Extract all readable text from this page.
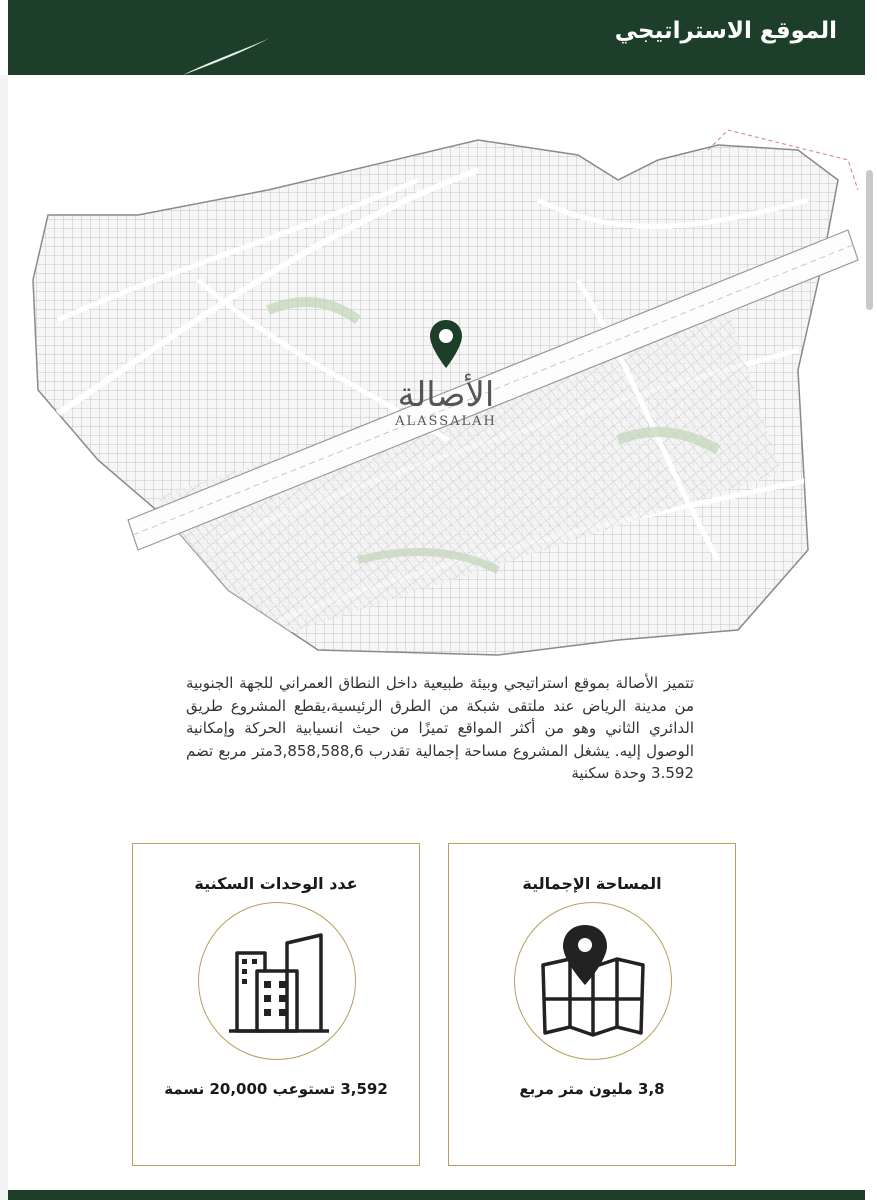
الموقع الاستراتيجي
الأصالة
ALASSALAH
تتميز الأصالة بموقع استراتيجي وبيئة طبيعية داخل النطاق العمراني للجهة الجنوبية من مدينة الرياض عند ملتقى شبكة من الطرق الرئيسية،يقطع المشروع طريق الدائري الثاني وهو من أكثر المواقع تميزًا من حيث انسيابية الحركة وإمكانية الوصول إليه. يشغل المشروع مساحة إجمالية تقدرب 3,858,588,6متر مربع تضم 3.592 وحدة سكنية
عدد الوحدات السكنية
3,592 تستوعب 20,000 نسمة
المساحة الإجمالية
3,8 مليون متر مربع
